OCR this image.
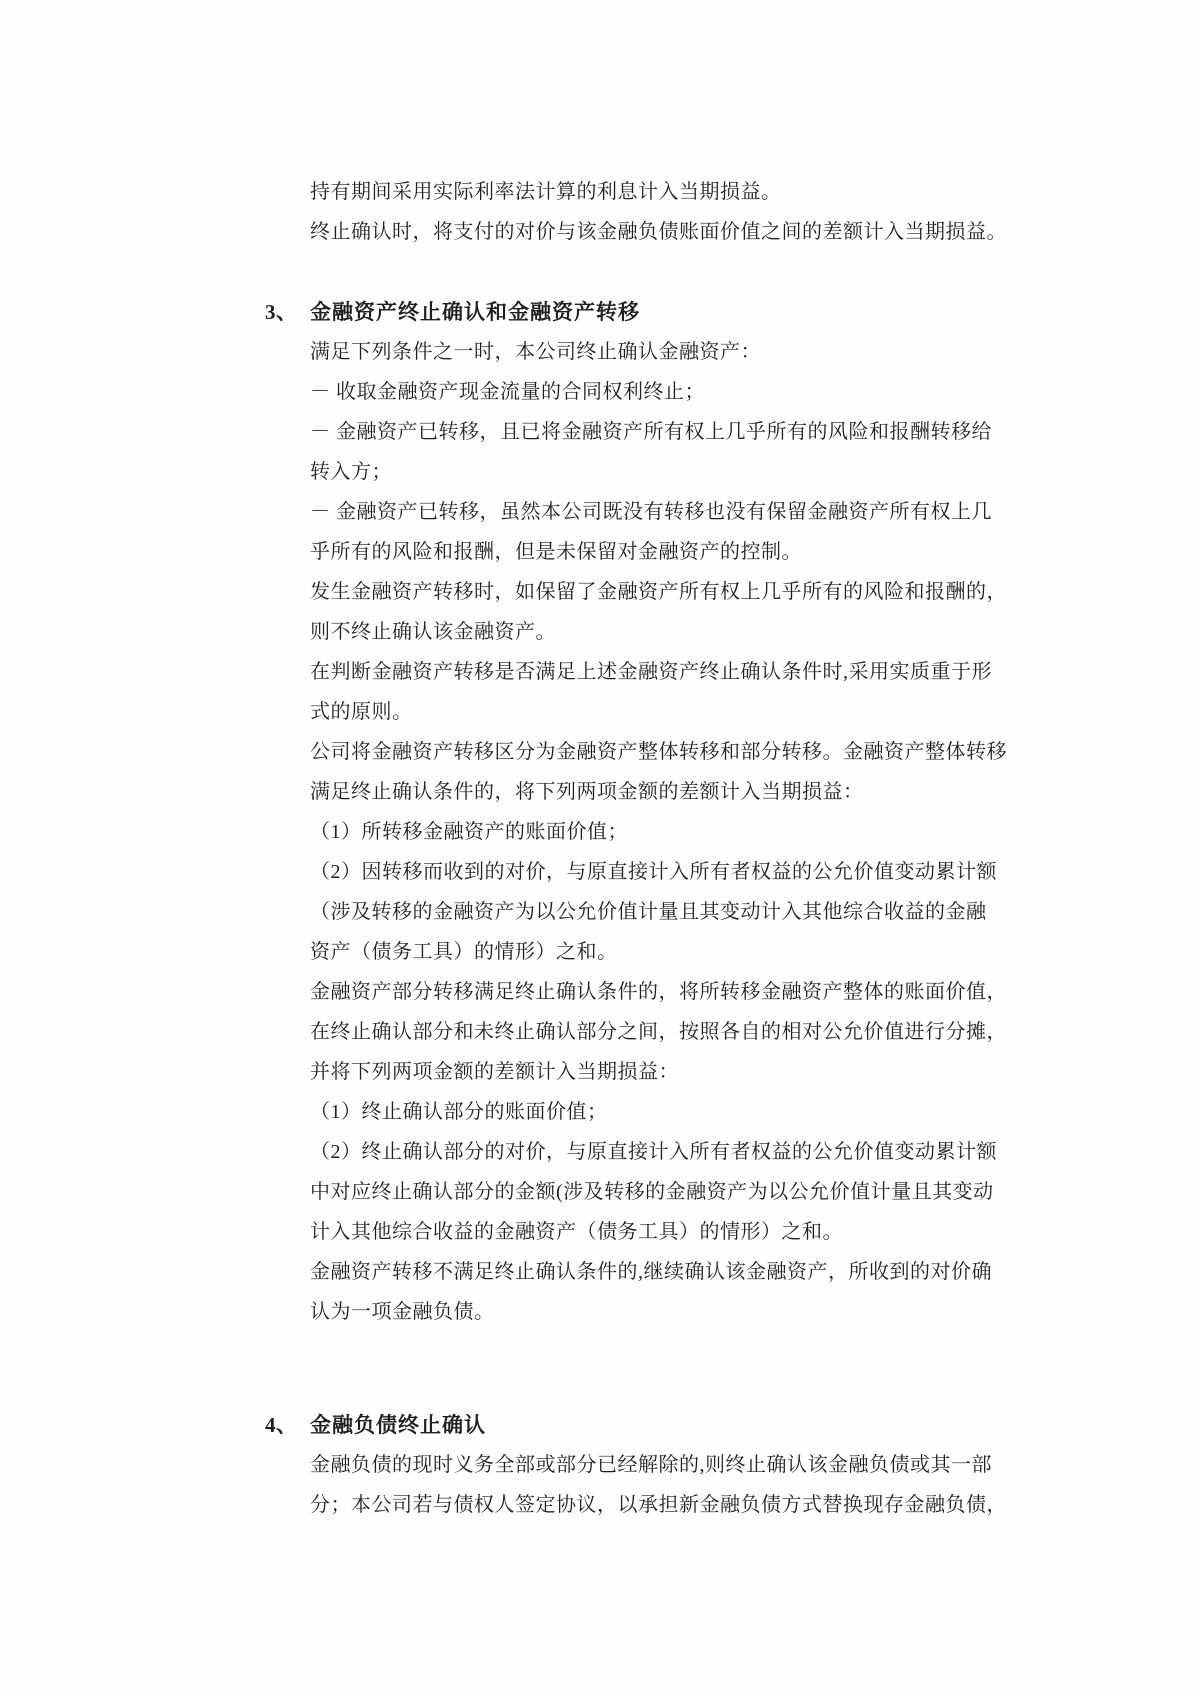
持有期间采用实际利率法计算的利息计入当期损益。
终止确认时，将支付的对价与该金融负债账面价值之间的差额计入当期损益。
3、 金融资产终止确认和金融资产转移
满足下列条件之一时，本公司终止确认金融资产：
－ 收取金融资产现金流量的合同权利终止；
－ 金融资产已转移，且已将金融资产所有权上几乎所有的风险和报酬转移给
转入方；
－ 金融资产已转移，虽然本公司既没有转移也没有保留金融资产所有权上几
乎所有的风险和报酬，但是未保留对金融资产的控制。
发生金融资产转移时，如保留了金融资产所有权上几乎所有的风险和报酬的，
则不终止确认该金融资产。
在判断金融资产转移是否满足上述金融资产终止确认条件时,采用实质重于形
式的原则。
公司将金融资产转移区分为金融资产整体转移和部分转移。金融资产整体转移
满足终止确认条件的，将下列两项金额的差额计入当期损益：
（1）所转移金融资产的账面价值；
（2）因转移而收到的对价，与原直接计入所有者权益的公允价值变动累计额
（涉及转移的金融资产为以公允价值计量且其变动计入其他综合收益的金融
资产（债务工具）的情形）之和。
金融资产部分转移满足终止确认条件的，将所转移金融资产整体的账面价值，
在终止确认部分和未终止确认部分之间，按照各自的相对公允价值进行分摊，
并将下列两项金额的差额计入当期损益：
（1）终止确认部分的账面价值；
（2）终止确认部分的对价，与原直接计入所有者权益的公允价值变动累计额
中对应终止确认部分的金额(涉及转移的金融资产为以公允价值计量且其变动
计入其他综合收益的金融资产（债务工具）的情形）之和。
金融资产转移不满足终止确认条件的,继续确认该金融资产，所收到的对价确
认为一项金融负债。
4、 金融负债终止确认
金融负债的现时义务全部或部分已经解除的,则终止确认该金融负债或其一部
分；本公司若与债权人签定协议，以承担新金融负债方式替换现存金融负债，
